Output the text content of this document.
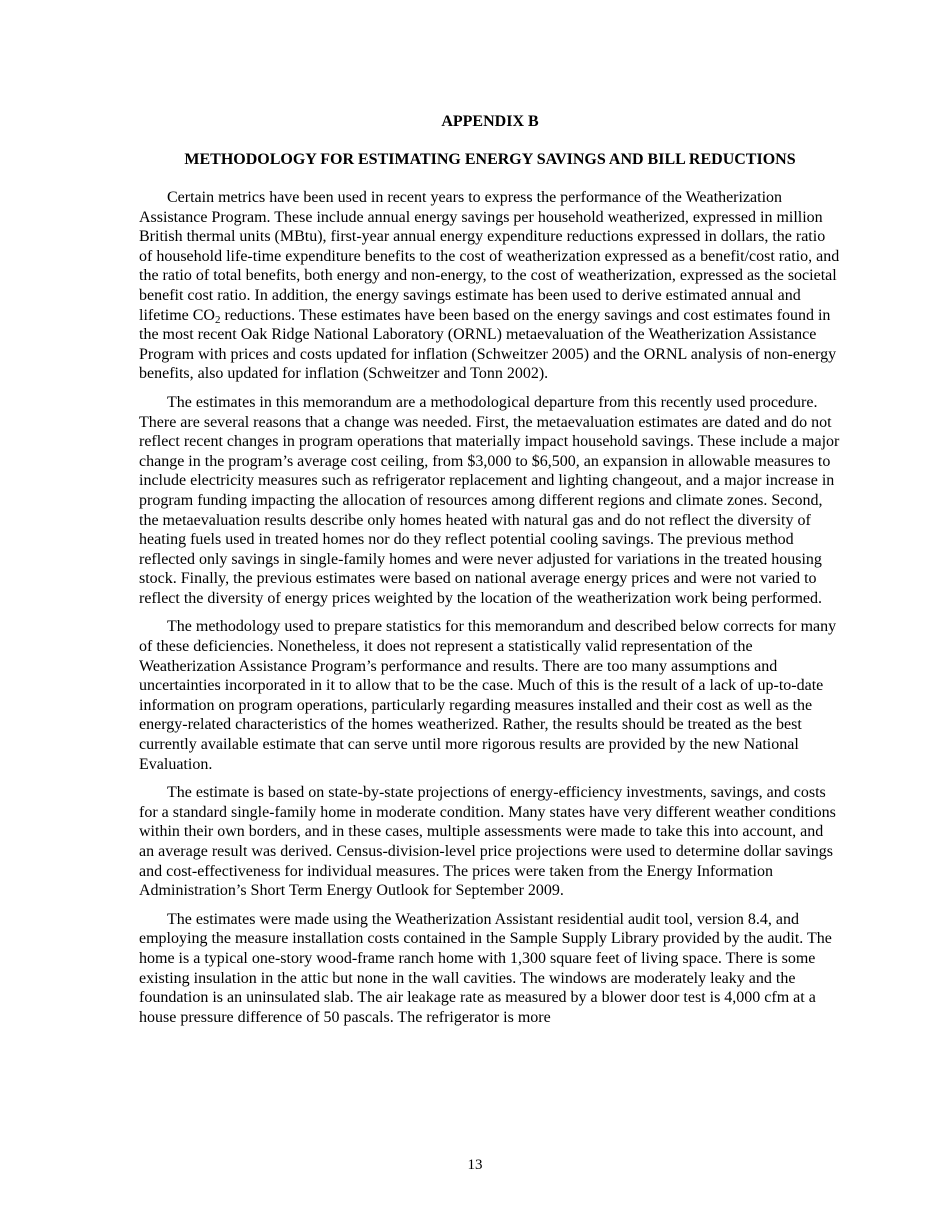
APPENDIX B
METHODOLOGY FOR ESTIMATING ENERGY SAVINGS AND BILL REDUCTIONS

Certain metrics have been used in recent years to express the performance of the Weatherization Assistance Program. These include annual energy savings per household weatherized, expressed in million British thermal units (MBtu), first-year annual energy expenditure reductions expressed in dollars, the ratio of household life-time expenditure benefits to the cost of weatherization expressed as a benefit/cost ratio, and the ratio of total benefits, both energy and non-energy, to the cost of weatherization, expressed as the societal benefit cost ratio. In addition, the energy savings estimate has been used to derive estimated annual and lifetime $CO_2$ reductions. These estimates have been based on the energy savings and cost estimates found in the most recent Oak Ridge National Laboratory (ORNL) metaevaluation of the Weatherization Assistance Program with prices and costs updated for inflation (Schweitzer 2005) and the ORNL analysis of non-energy benefits, also updated for inflation (Schweitzer and Tonn 2002).

The estimates in this memorandum are a methodological departure from this recently used procedure. There are several reasons that a change was needed. First, the metaevaluation estimates are dated and do not reflect recent changes in program operations that materially impact household savings. These include a major change in the program’s average cost ceiling, from $3,000 to $6,500, an expansion in allowable measures to include electricity measures such as refrigerator replacement and lighting changeout, and a major increase in program funding impacting the allocation of resources among different regions and climate zones. Second, the metaevaluation results describe only homes heated with natural gas and do not reflect the diversity of heating fuels used in treated homes nor do they reflect potential cooling savings. The previous method reflected only savings in single-family homes and were never adjusted for variations in the treated housing stock. Finally, the previous estimates were based on national average energy prices and were not varied to reflect the diversity of energy prices weighted by the location of the weatherization work being performed.

The methodology used to prepare statistics for this memorandum and described below corrects for many of these deficiencies. Nonetheless, it does not represent a statistically valid representation of the Weatherization Assistance Program’s performance and results. There are too many assumptions and uncertainties incorporated in it to allow that to be the case. Much of this is the result of a lack of up-to-date information on program operations, particularly regarding measures installed and their cost as well as the energy-related characteristics of the homes weatherized. Rather, the results should be treated as the best currently available estimate that can serve until more rigorous results are provided by the new National Evaluation.

The estimate is based on state-by-state projections of energy-efficiency investments, savings, and costs for a standard single-family home in moderate condition. Many states have very different weather conditions within their own borders, and in these cases, multiple assessments were made to take this into account, and an average result was derived. Census-division-level price projections were used to determine dollar savings and cost-effectiveness for individual measures. The prices were taken from the Energy Information Administration’s Short Term Energy Outlook for September 2009.

The estimates were made using the Weatherization Assistant residential audit tool, version 8.4, and employing the measure installation costs contained in the Sample Supply Library provided by the audit. The home is a typical one-story wood-frame ranch home with 1,300 square feet of living space. There is some existing insulation in the attic but none in the wall cavities. The windows are moderately leaky and the foundation is an uninsulated slab. The air leakage rate as measured by a blower door test is 4,000 cfm at a house pressure difference of 50 pascals. The refrigerator is more

13
